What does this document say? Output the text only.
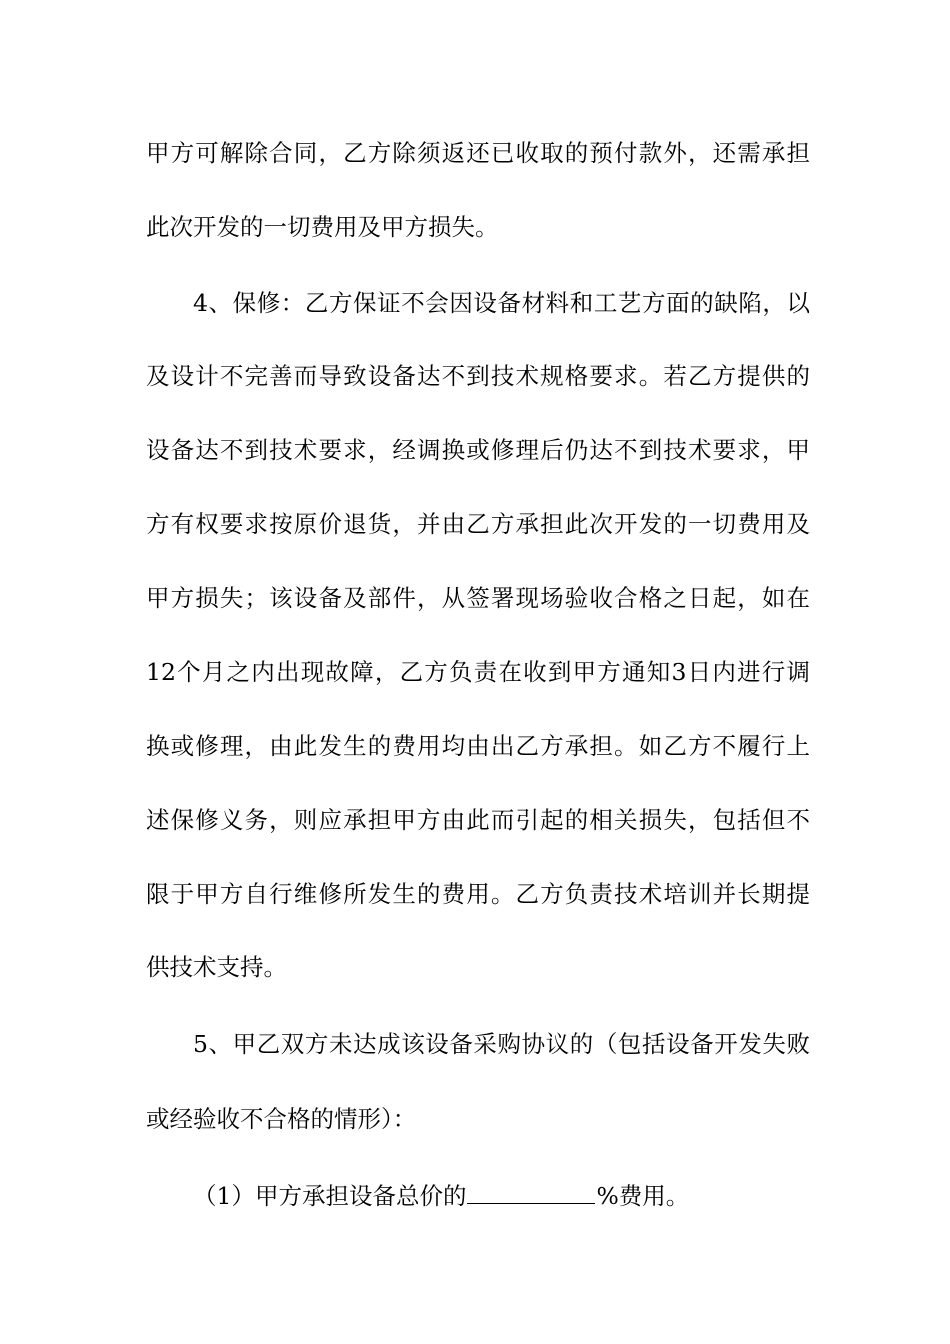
甲方可解除合同，乙方除须返还已收取的预付款外，还需承担
此次开发的一切费用及甲方损失。
4、保修：乙方保证不会因设备材料和工艺方面的缺陷，以
及设计不完善而导致设备达不到技术规格要求。若乙方提供的
设备达不到技术要求，经调换或修理后仍达不到技术要求，甲
方有权要求按原价退货，并由乙方承担此次开发的一切费用及
甲方损失；该设备及部件，从签署现场验收合格之日起，如在
12个月之内出现故障，乙方负责在收到甲方通知3日内进行调
换或修理，由此发生的费用均由出乙方承担。如乙方不履行上
述保修义务，则应承担甲方由此而引起的相关损失，包括但不
限于甲方自行维修所发生的费用。乙方负责技术培训并长期提
供技术支持。
5、甲乙双方未达成该设备采购协议的（包括设备开发失败
或经验收不合格的情形）：
（1）甲方承担设备总价的	%费用。
